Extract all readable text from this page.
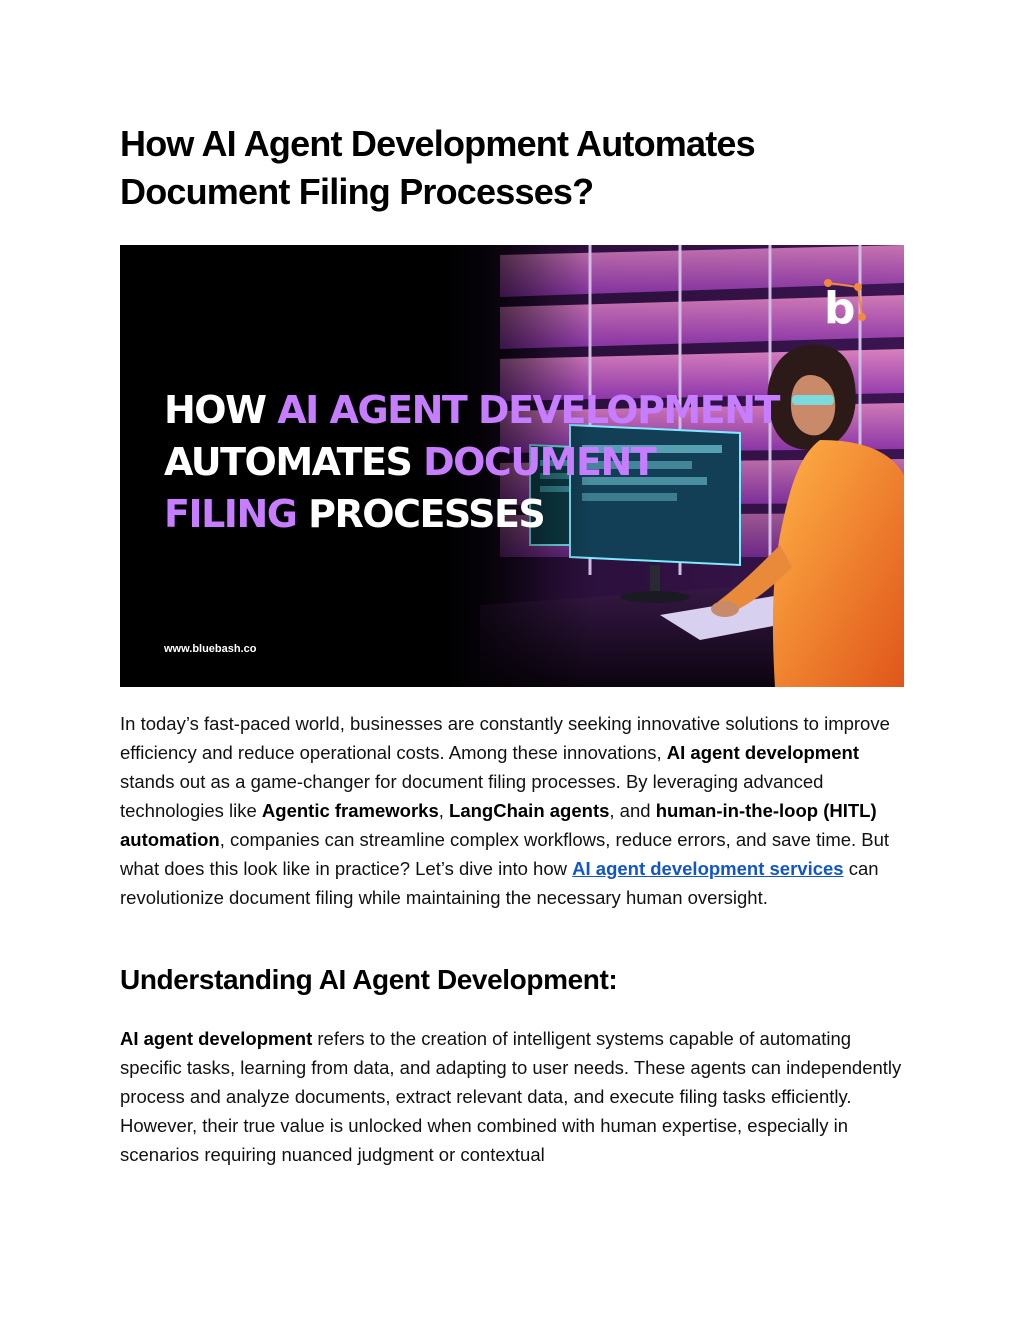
How AI Agent Development Automates Document Filing Processes?
HOW AI AGENT DEVELOPMENT
AUTOMATES DOCUMENT
FILING PROCESSES
www.bluebash.co
b

In today’s fast-paced world, businesses are constantly seeking innovative solutions to improve efficiency and reduce operational costs. Among these innovations, AI agent development stands out as a game-changer for document filing processes. By leveraging advanced technologies like Agentic frameworks, LangChain agents, and human-in-the-loop (HITL) automation, companies can streamline complex workflows, reduce errors, and save time. But what does this look like in practice? Let’s dive into how AI agent development services can revolutionize document filing while maintaining the necessary human oversight.

Understanding AI Agent Development:

AI agent development refers to the creation of intelligent systems capable of automating specific tasks, learning from data, and adapting to user needs. These agents can independently process and analyze documents, extract relevant data, and execute filing tasks efficiently. However, their true value is unlocked when combined with human expertise, especially in scenarios requiring nuanced judgment or contextual
